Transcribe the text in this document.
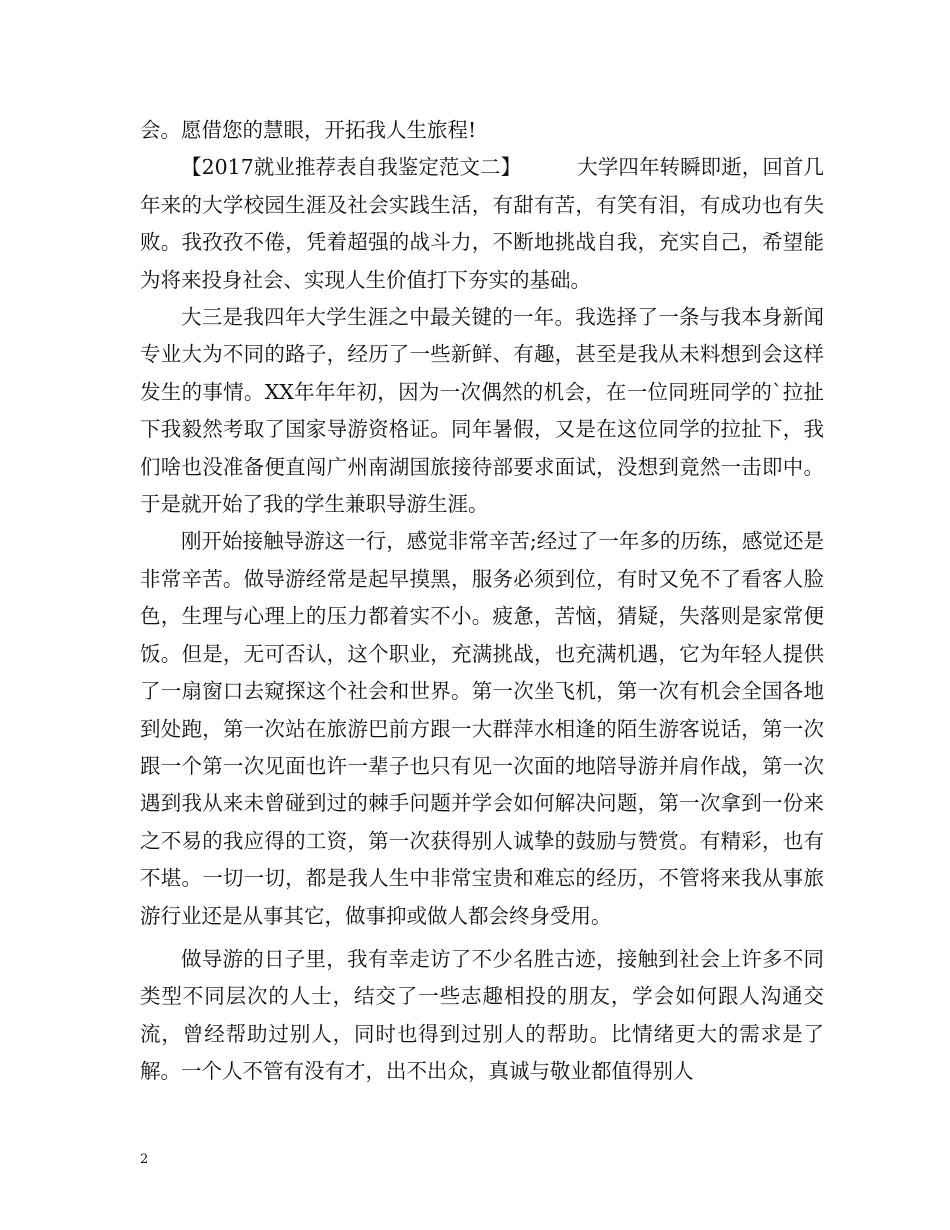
会。愿借您的慧眼，开拓我人生旅程!

【2017就业推荐表自我鉴定范文二】	大学四年转瞬即逝，回首几年来的大学校园生涯及社会实践生活，有甜有苦，有笑有泪，有成功也有失败。我孜孜不倦，凭着超强的战斗力，不断地挑战自我，充实自己，希望能为将来投身社会、实现人生价值打下夯实的基础。

大三是我四年大学生涯之中最关键的一年。我选择了一条与我本身新闻专业大为不同的路子，经历了一些新鲜、有趣，甚至是我从未料想到会这样发生的事情。XX年年年初，因为一次偶然的机会，在一位同班同学的`拉扯下我毅然考取了国家导游资格证。同年暑假，又是在这位同学的拉扯下，我们啥也没准备便直闯广州南湖国旅接待部要求面试，没想到竟然一击即中。于是就开始了我的学生兼职导游生涯。

刚开始接触导游这一行，感觉非常辛苦;经过了一年多的历练，感觉还是非常辛苦。做导游经常是起早摸黑，服务必须到位，有时又免不了看客人脸色，生理与心理上的压力都着实不小。疲惫，苦恼，猜疑，失落则是家常便饭。但是，无可否认，这个职业，充满挑战，也充满机遇，它为年轻人提供了一扇窗口去窥探这个社会和世界。第一次坐飞机，第一次有机会全国各地到处跑，第一次站在旅游巴前方跟一大群萍水相逢的陌生游客说话，第一次跟一个第一次见面也许一辈子也只有见一次面的地陪导游并肩作战，第一次遇到我从来未曾碰到过的棘手问题并学会如何解决问题，第一次拿到一份来之不易的我应得的工资，第一次获得别人诚挚的鼓励与赞赏。有精彩，也有不堪。一切一切，都是我人生中非常宝贵和难忘的经历，不管将来我从事旅游行业还是从事其它，做事抑或做人都会终身受用。

做导游的日子里，我有幸走访了不少名胜古迹，接触到社会上许多不同类型不同层次的人士，结交了一些志趣相投的朋友，学会如何跟人沟通交流，曾经帮助过别人，同时也得到过别人的帮助。比情绪更大的需求是了解。一个人不管有没有才，出不出众，真诚与敬业都值得别人

2
